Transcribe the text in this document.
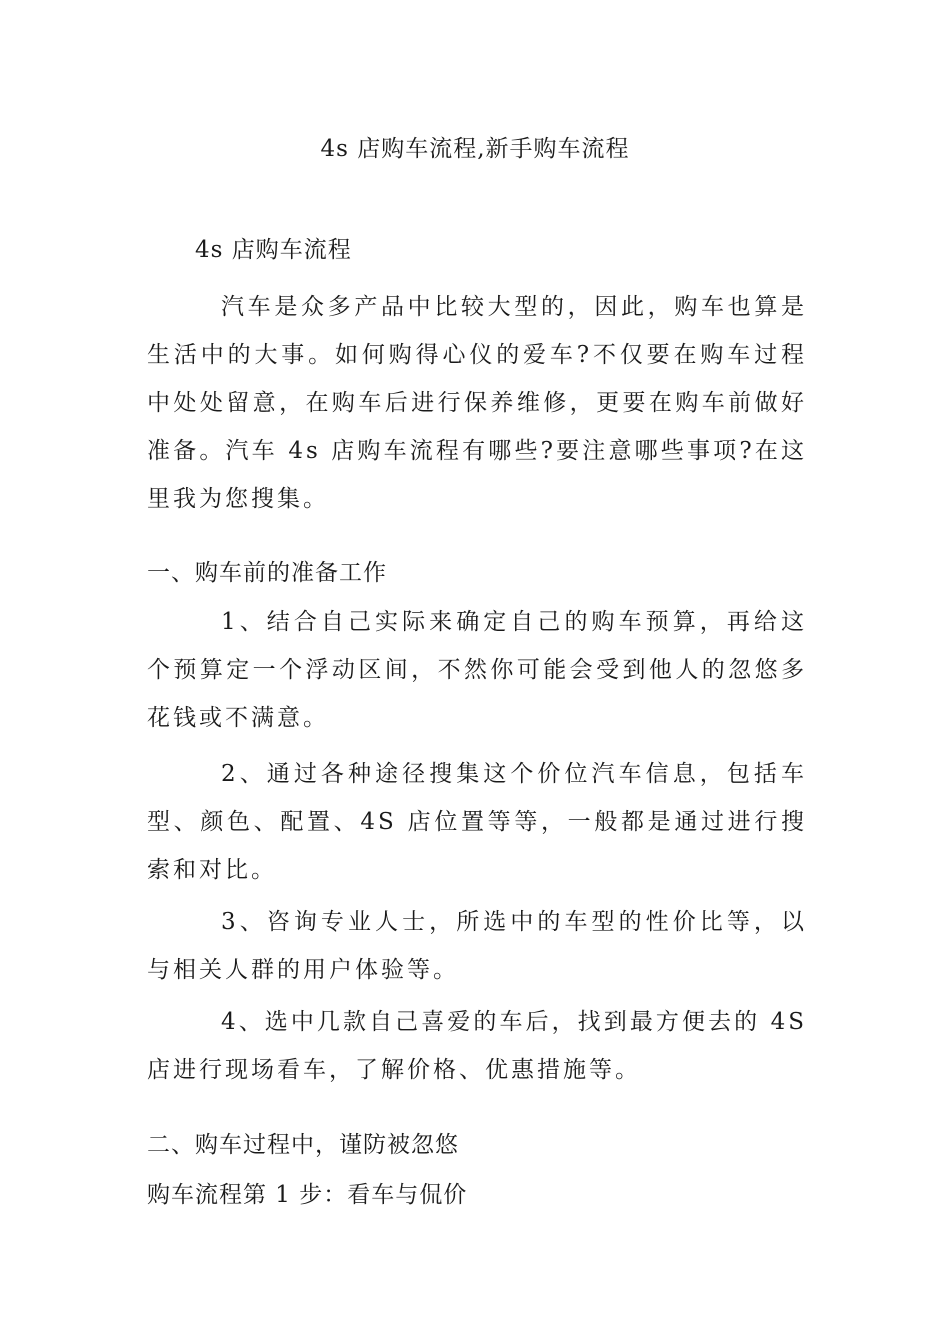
4s 店购车流程,新手购车流程
4s 店购车流程

汽车是众多产品中比较大型的，因此，购车也算是生活中的大事。如何购得心仪的爱车?不仅要在购车过程中处处留意，在购车后进行保养维修，更要在购车前做好准备。汽车 4s 店购车流程有哪些?要注意哪些事项?在这里我为您搜集。

一、购车前的准备工作

1、结合自己实际来确定自己的购车预算，再给这个预算定一个浮动区间，不然你可能会受到他人的忽悠多花钱或不满意。

2、通过各种途径搜集这个价位汽车信息，包括车型、颜色、配置、4S 店位置等等，一般都是通过进行搜索和对比。

3、咨询专业人士，所选中的车型的性价比等，以与相关人群的用户体验等。

4、选中几款自己喜爱的车后，找到最方便去的 4S 店进行现场看车，了解价格、优惠措施等。

二、购车过程中，谨防被忽悠
购车流程第 1 步：看车与侃价
